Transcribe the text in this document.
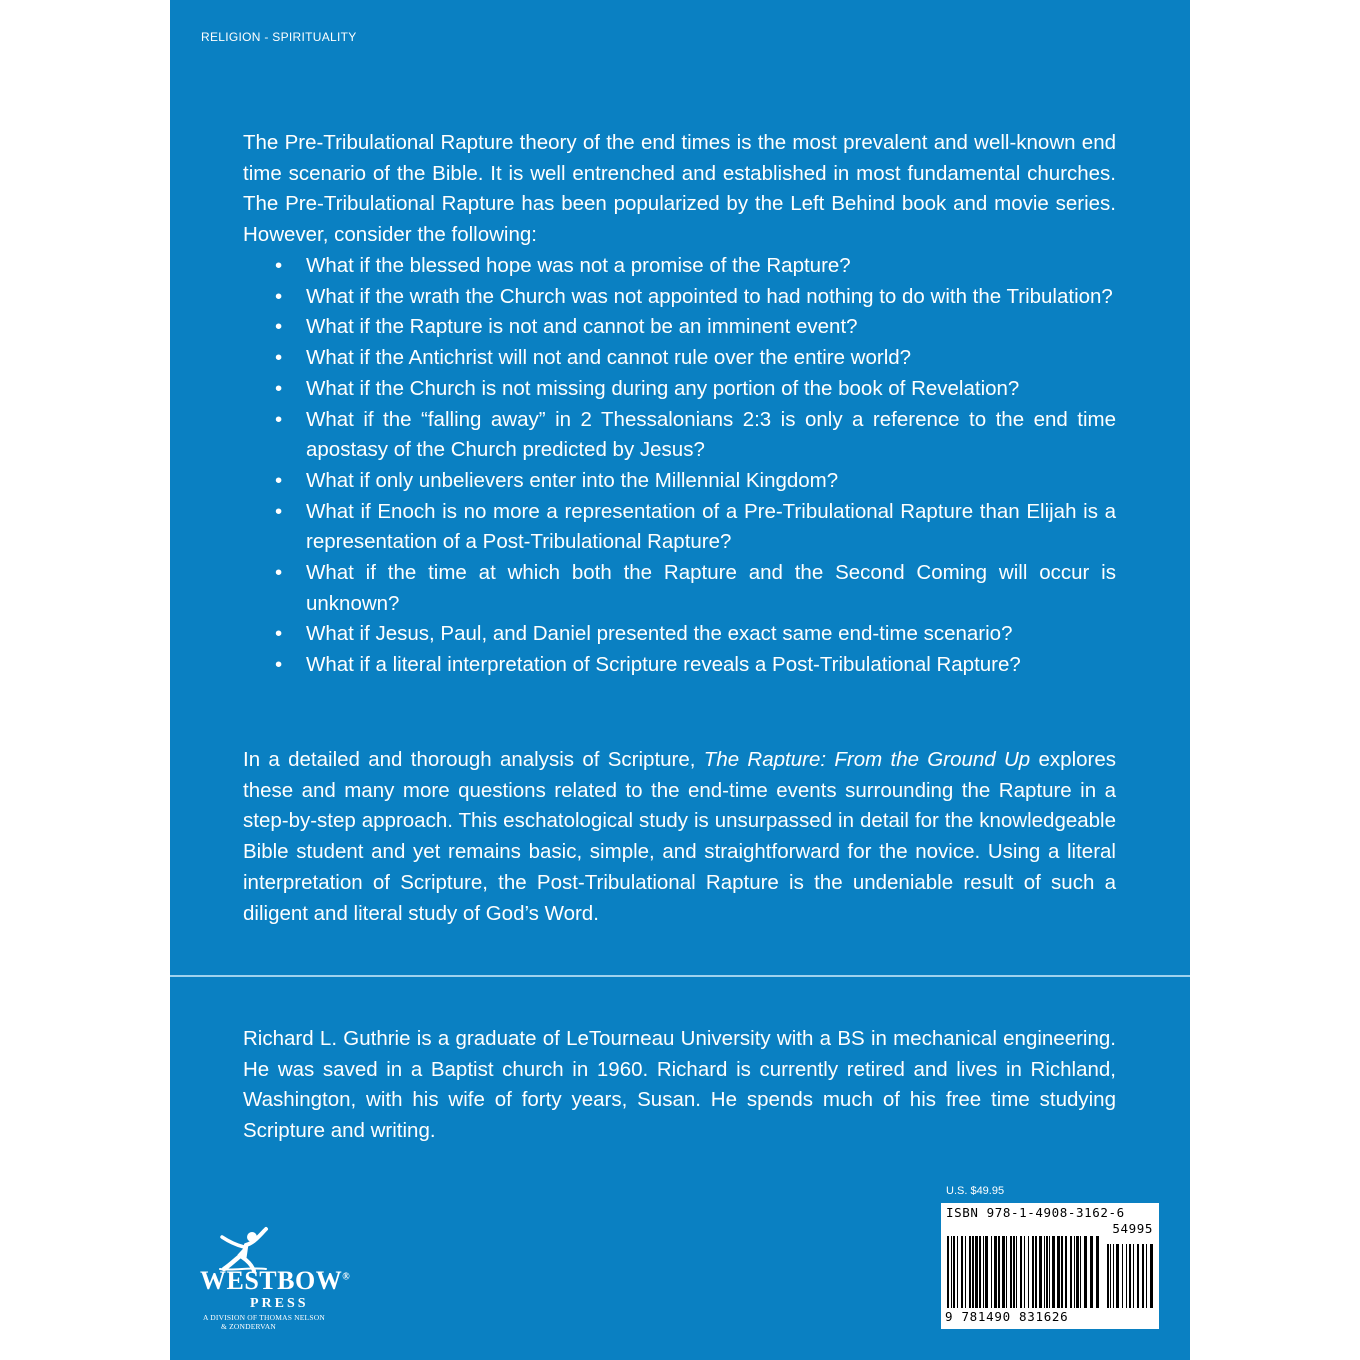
RELIGION - SPIRITUALITY

The Pre-Tribulational Rapture theory of the end times is the most prevalent and well-known end time scenario of the Bible. It is well entrenched and established in most fundamental churches. The Pre-Tribulational Rapture has been popularized by the Left Behind book and movie series. However, consider the following:

• What if the blessed hope was not a promise of the Rapture?
• What if the wrath the Church was not appointed to had nothing to do with the Tribulation?
• What if the Rapture is not and cannot be an imminent event?
• What if the Antichrist will not and cannot rule over the entire world?
• What if the Church is not missing during any portion of the book of Revelation?
• What if the “falling away” in 2 Thessalonians 2:3 is only a reference to the end time apostasy of the Church predicted by Jesus?
• What if only unbelievers enter into the Millennial Kingdom?
• What if Enoch is no more a representation of a Pre-Tribulational Rapture than Elijah is a representation of a Post-Tribulational Rapture?
• What if the time at which both the Rapture and the Second Coming will occur is unknown?
• What if Jesus, Paul, and Daniel presented the exact same end-time scenario?
• What if a literal interpretation of Scripture reveals a Post-Tribulational Rapture?

In a detailed and thorough analysis of Scripture, The Rapture: From the Ground Up explores these and many more questions related to the end-time events surrounding the Rapture in a step-by-step approach. This eschatological study is unsurpassed in detail for the knowledgeable Bible student and yet remains basic, simple, and straightforward for the novice. Using a literal interpretation of Scripture, the Post-Tribulational Rapture is the undeniable result of such a diligent and literal study of God’s Word.

Richard L. Guthrie is a graduate of LeTourneau University with a BS in mechanical engineering. He was saved in a Baptist church in 1960. Richard is currently retired and lives in Richland, Washington, with his wife of forty years, Susan. He spends much of his free time studying Scripture and writing.

U.S. $49.95
ISBN 978-1-4908-3162-6
54995
9 781490 831626
WESTBOW®
PRESS
A DIVISION OF THOMAS NELSON
& ZONDERVAN
